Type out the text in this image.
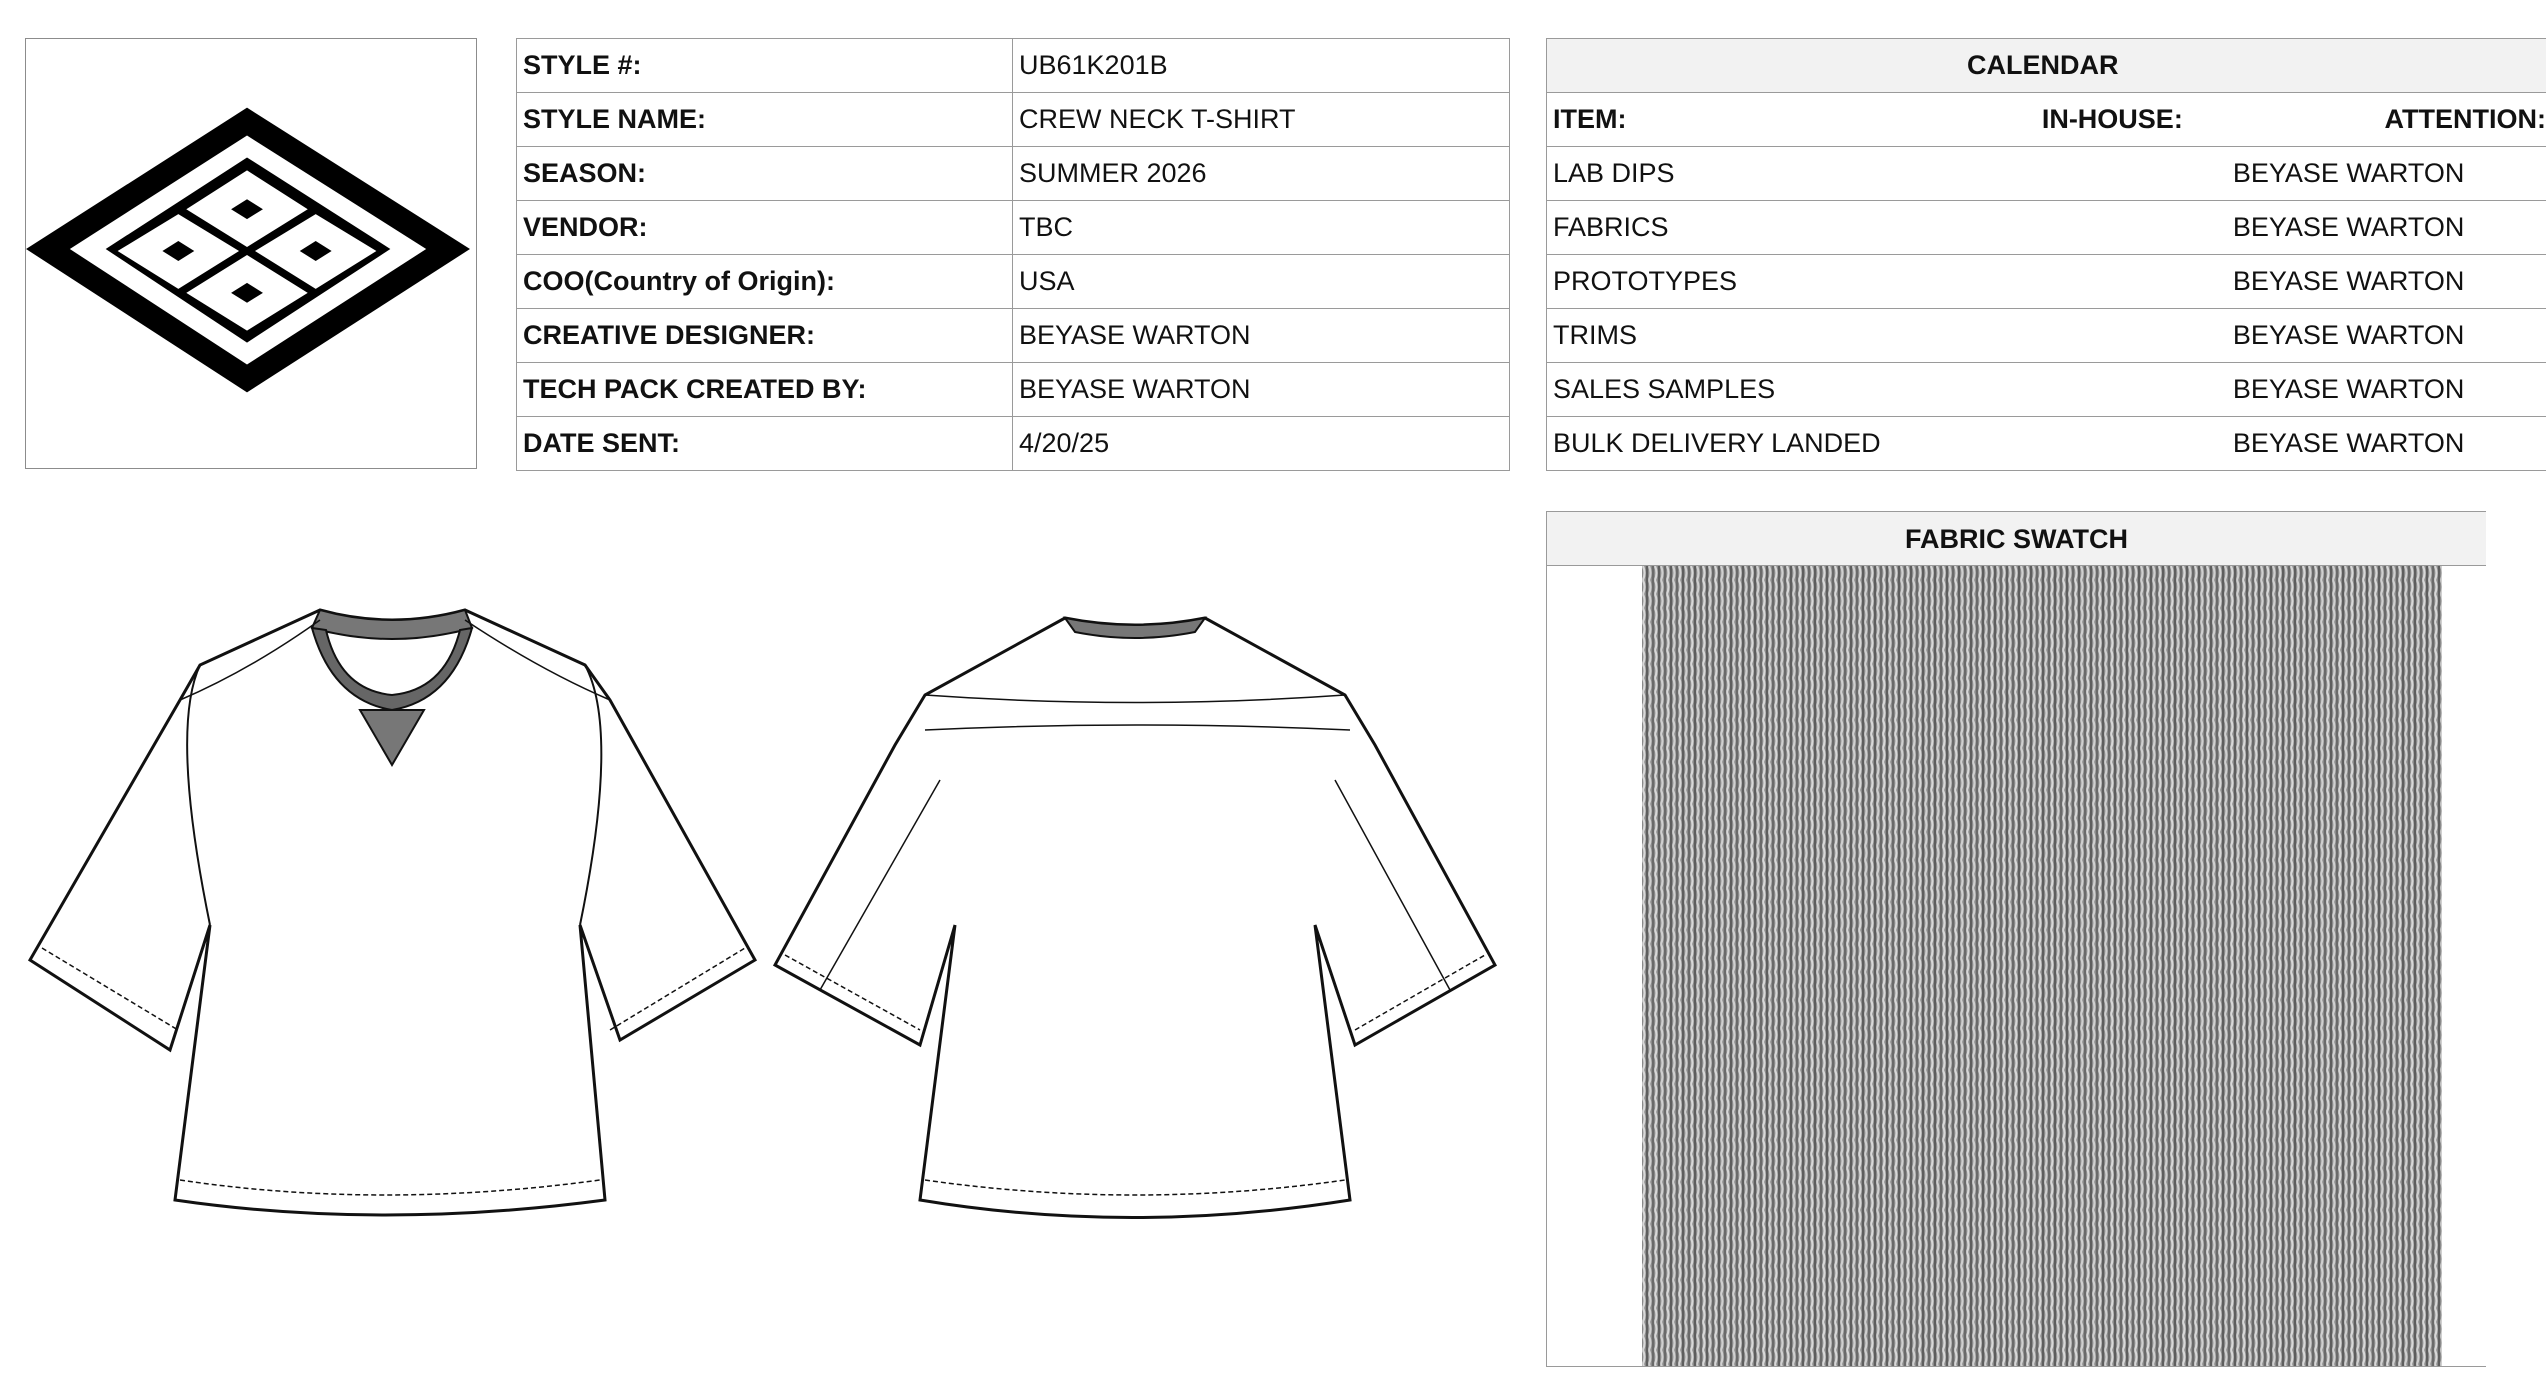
STYLE #:	UB61K201B
STYLE NAME:	CREW NECK T-SHIRT
SEASON:	SUMMER 2026
VENDOR:	TBC
COO(Country of Origin):	USA
CREATIVE DESIGNER:	BEYASE WARTON
TECH PACK CREATED BY:	BEYASE WARTON
DATE SENT:	4/20/25
CALENDAR		
ITEM:	IN-HOUSE:	ATTENTION:
LAB DIPS		BEYASE WARTON
FABRICS		BEYASE WARTON
PROTOTYPES		BEYASE WARTON
TRIMS		BEYASE WARTON
SALES SAMPLES		BEYASE WARTON
BULK DELIVERY LANDED		BEYASE WARTON
FABRIC SWATCH
